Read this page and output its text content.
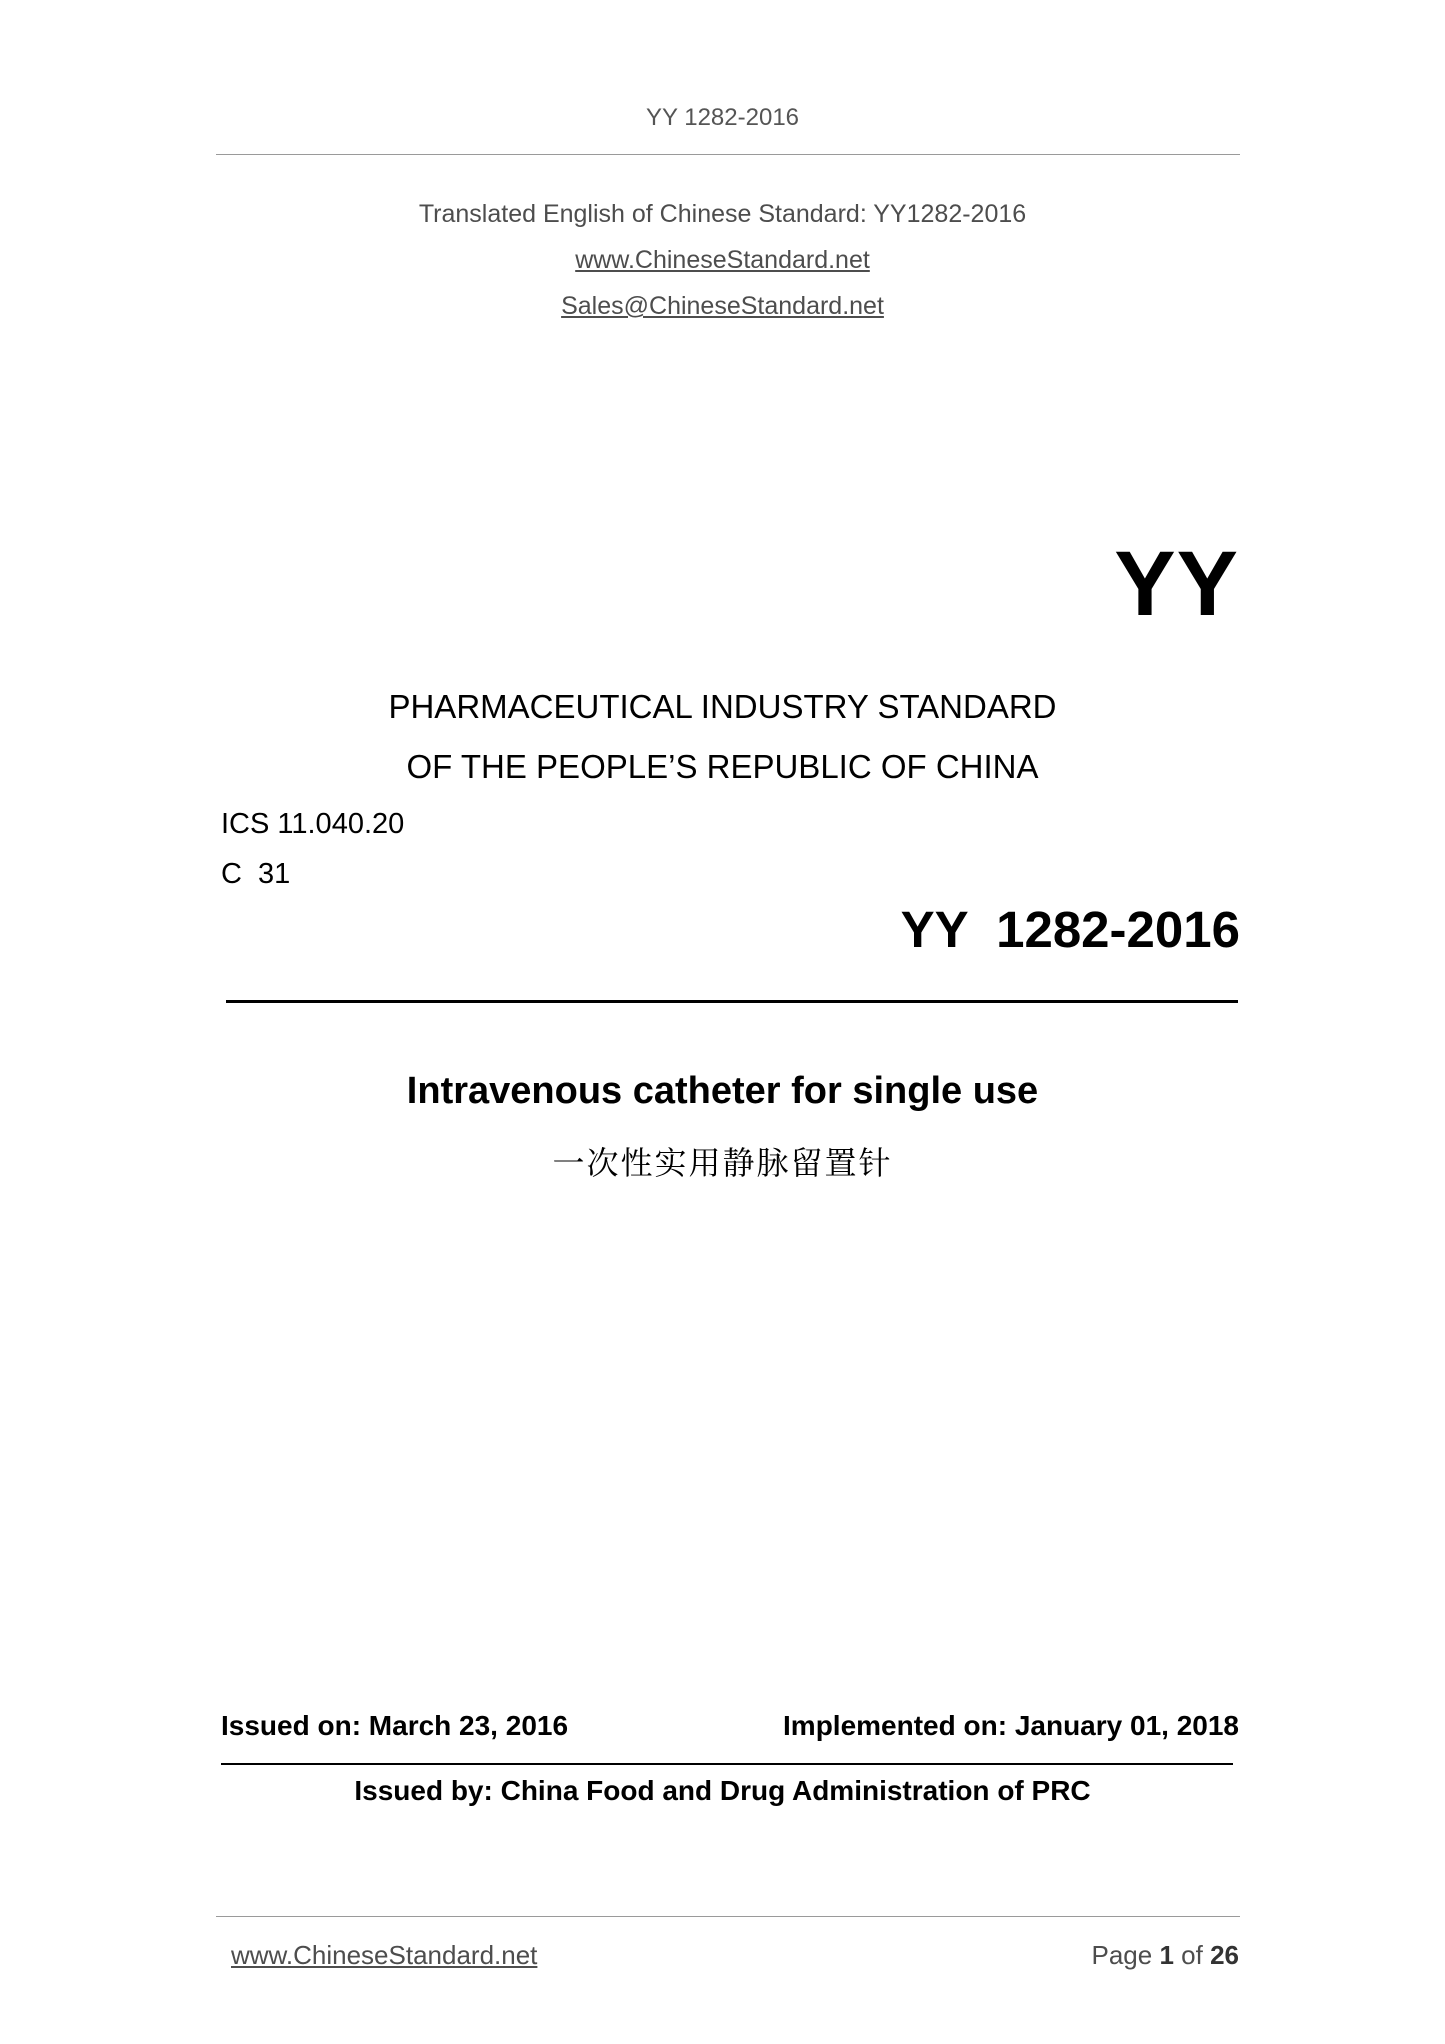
YY 1282-2016
Translated English of Chinese Standard: YY1282-2016
www.ChineseStandard.net
Sales@ChineseStandard.net
YY
PHARMACEUTICAL INDUSTRY STANDARD
OF THE PEOPLE’S REPUBLIC OF CHINA
ICS 11.040.20
C  31
YY  1282-2016
Intravenous catheter for single use
一次性实用静脉留置针
Issued on: March 23, 2016	Implemented on: January 01, 2018
Issued by: China Food and Drug Administration of PRC
www.ChineseStandard.net	Page 1 of 26
